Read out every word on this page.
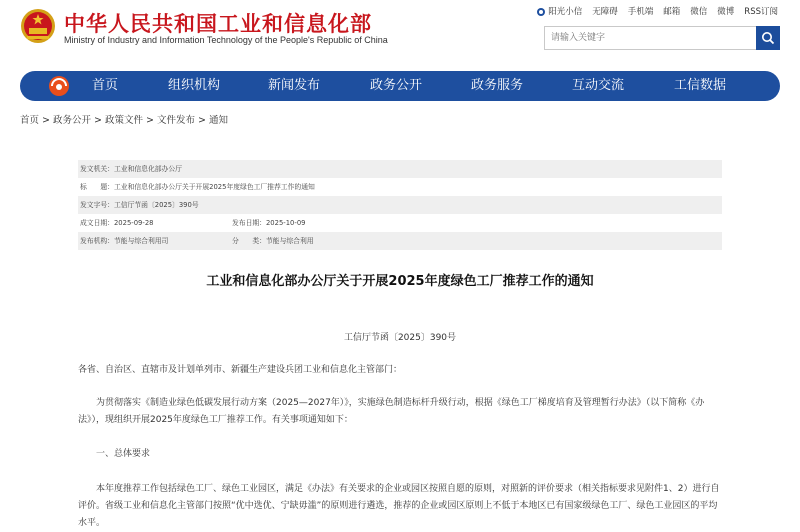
中华人民共和国工业和信息化部
Ministry of Industry and Information Technology of the People's Republic of China
阳光小信 无障碍 手机端 邮箱 微信 微博 RSS订阅
请输入关键字
首页	组织机构	新闻发布	政务公开	政务服务	互动交流	工信数据
首页 > 政务公开 > 政策文件 > 文件发布 > 通知
发文机关：工业和信息化部办公厅
标　　题：工业和信息化部办公厅关于开展2025年度绿色工厂推荐工作的通知
发文字号：工信厅节函〔2025〕390号
成文日期：2025-09-28	发布日期：2025-10-09
发布机构：节能与综合利用司	分　　类：节能与综合利用
工业和信息化部办公厅关于开展2025年度绿色工厂推荐工作的通知
工信厅节函〔2025〕390号
各省、自治区、直辖市及计划单列市、新疆生产建设兵团工业和信息化主管部门：
为贯彻落实《制造业绿色低碳发展行动方案（2025—2027年）》，实施绿色制造标杆升级行动，根据《绿色工厂梯度培育及管理暂行办法》（以下简称《办法》），现组织开展2025年度绿色工厂推荐工作。有关事项通知如下：
一、总体要求
本年度推荐工作包括绿色工厂、绿色工业园区，满足《办法》有关要求的企业或园区按照自愿的原则，对照新的评价要求（相关指标要求见附件1、2）进行自评价。省级工业和信息化主管部门按照“优中选优、宁缺毋滥”的原则进行遴选，推荐的企业或园区原则上不低于本地区已有国家级绿色工厂、绿色工业园区的平均水平。
